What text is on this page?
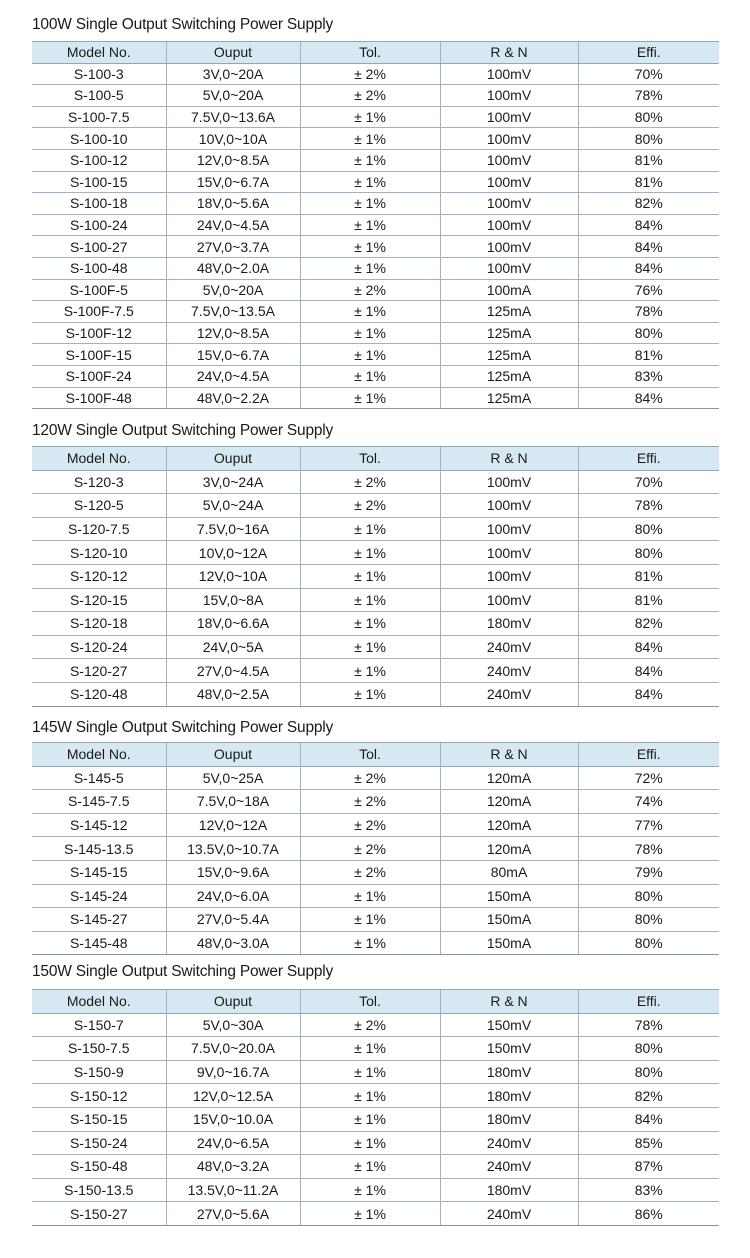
100W Single Output Switching Power Supply
Model No.	Ouput	Tol.	R & N	Effi.
S-100-3	3V,0~20A	± 2%	100mV	70%
S-100-5	5V,0~20A	± 2%	100mV	78%
S-100-7.5	7.5V,0~13.6A	± 1%	100mV	80%
S-100-10	10V,0~10A	± 1%	100mV	80%
S-100-12	12V,0~8.5A	± 1%	100mV	81%
S-100-15	15V,0~6.7A	± 1%	100mV	81%
S-100-18	18V,0~5.6A	± 1%	100mV	82%
S-100-24	24V,0~4.5A	± 1%	100mV	84%
S-100-27	27V,0~3.7A	± 1%	100mV	84%
S-100-48	48V,0~2.0A	± 1%	100mV	84%
S-100F-5	5V,0~20A	± 2%	100mA	76%
S-100F-7.5	7.5V,0~13.5A	± 1%	125mA	78%
S-100F-12	12V,0~8.5A	± 1%	125mA	80%
S-100F-15	15V,0~6.7A	± 1%	125mA	81%
S-100F-24	24V,0~4.5A	± 1%	125mA	83%
S-100F-48	48V,0~2.2A	± 1%	125mA	84%
120W Single Output Switching Power Supply
Model No.	Ouput	Tol.	R & N	Effi.
S-120-3	3V,0~24A	± 2%	100mV	70%
S-120-5	5V,0~24A	± 2%	100mV	78%
S-120-7.5	7.5V,0~16A	± 1%	100mV	80%
S-120-10	10V,0~12A	± 1%	100mV	80%
S-120-12	12V,0~10A	± 1%	100mV	81%
S-120-15	15V,0~8A	± 1%	100mV	81%
S-120-18	18V,0~6.6A	± 1%	180mV	82%
S-120-24	24V,0~5A	± 1%	240mV	84%
S-120-27	27V,0~4.5A	± 1%	240mV	84%
S-120-48	48V,0~2.5A	± 1%	240mV	84%
145W Single Output Switching Power Supply
Model No.	Ouput	Tol.	R & N	Effi.
S-145-5	5V,0~25A	± 2%	120mA	72%
S-145-7.5	7.5V,0~18A	± 2%	120mA	74%
S-145-12	12V,0~12A	± 2%	120mA	77%
S-145-13.5	13.5V,0~10.7A	± 2%	120mA	78%
S-145-15	15V,0~9.6A	± 2%	80mA	79%
S-145-24	24V,0~6.0A	± 1%	150mA	80%
S-145-27	27V,0~5.4A	± 1%	150mA	80%
S-145-48	48V,0~3.0A	± 1%	150mA	80%
150W Single Output Switching Power Supply
Model No.	Ouput	Tol.	R & N	Effi.
S-150-7	5V,0~30A	± 2%	150mV	78%
S-150-7.5	7.5V,0~20.0A	± 1%	150mV	80%
S-150-9	9V,0~16.7A	± 1%	180mV	80%
S-150-12	12V,0~12.5A	± 1%	180mV	82%
S-150-15	15V,0~10.0A	± 1%	180mV	84%
S-150-24	24V,0~6.5A	± 1%	240mV	85%
S-150-48	48V,0~3.2A	± 1%	240mV	87%
S-150-13.5	13.5V,0~11.2A	± 1%	180mV	83%
S-150-27	27V,0~5.6A	± 1%	240mV	86%
